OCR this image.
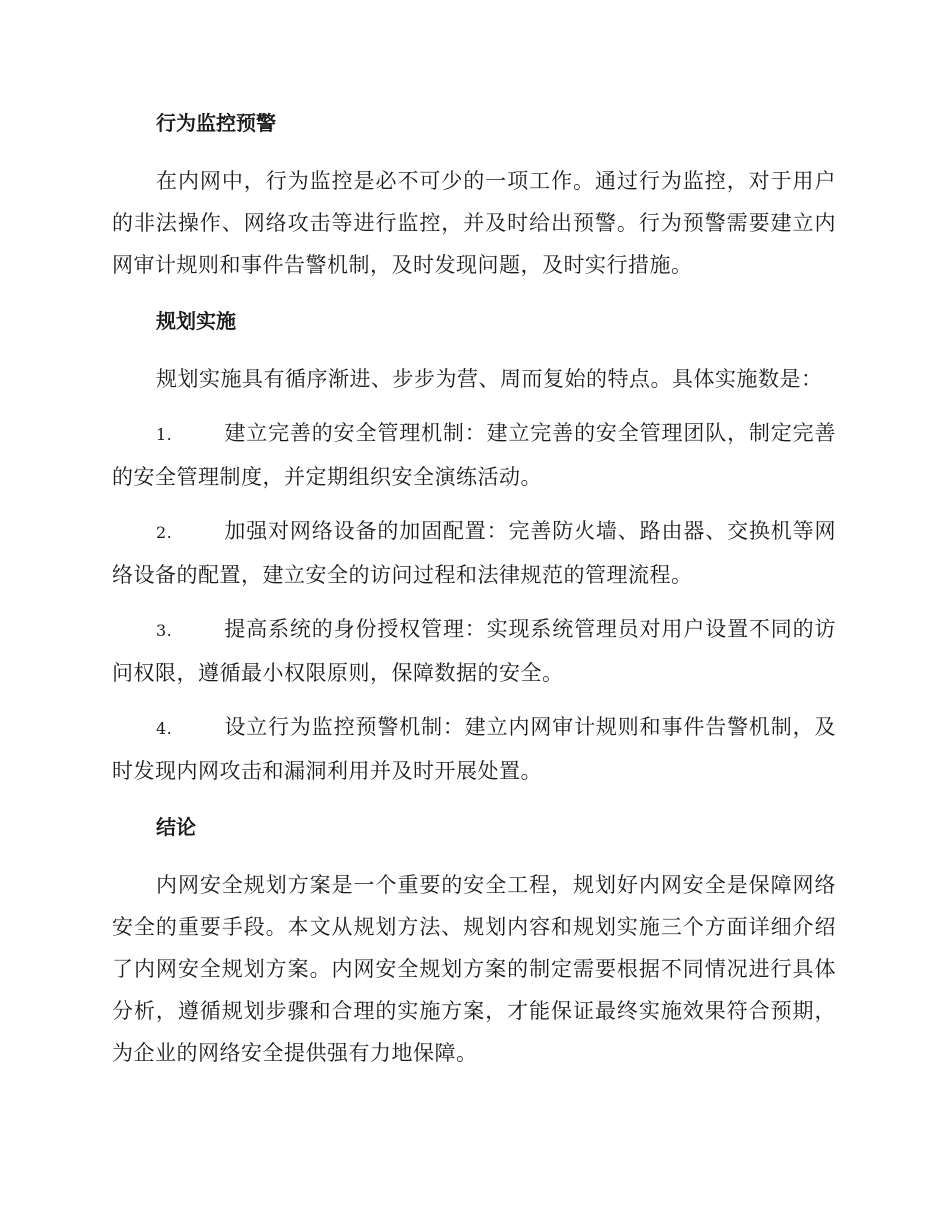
行为监控预警

在内网中，行为监控是必不可少的一项工作。通过行为监控，对于用户的非法操作、网络攻击等进行监控，并及时给出预警。行为预警需要建立内网审计规则和事件告警机制，及时发现问题，及时实行措施。

规划实施

规划实施具有循序渐进、步步为营、周而复始的特点。具体实施数是：

1. 建立完善的安全管理机制：建立完善的安全管理团队，制定完善的安全管理制度，并定期组织安全演练活动。

2. 加强对网络设备的加固配置：完善防火墙、路由器、交换机等网络设备的配置，建立安全的访问过程和法律规范的管理流程。

3. 提高系统的身份授权管理：实现系统管理员对用户设置不同的访问权限，遵循最小权限原则，保障数据的安全。

4. 设立行为监控预警机制：建立内网审计规则和事件告警机制，及时发现内网攻击和漏洞利用并及时开展处置。

结论

内网安全规划方案是一个重要的安全工程，规划好内网安全是保障网络安全的重要手段。本文从规划方法、规划内容和规划实施三个方面详细介绍了内网安全规划方案。内网安全规划方案的制定需要根据不同情况进行具体分析，遵循规划步骤和合理的实施方案，才能保证最终实施效果符合预期，为企业的网络安全提供强有力地保障。
